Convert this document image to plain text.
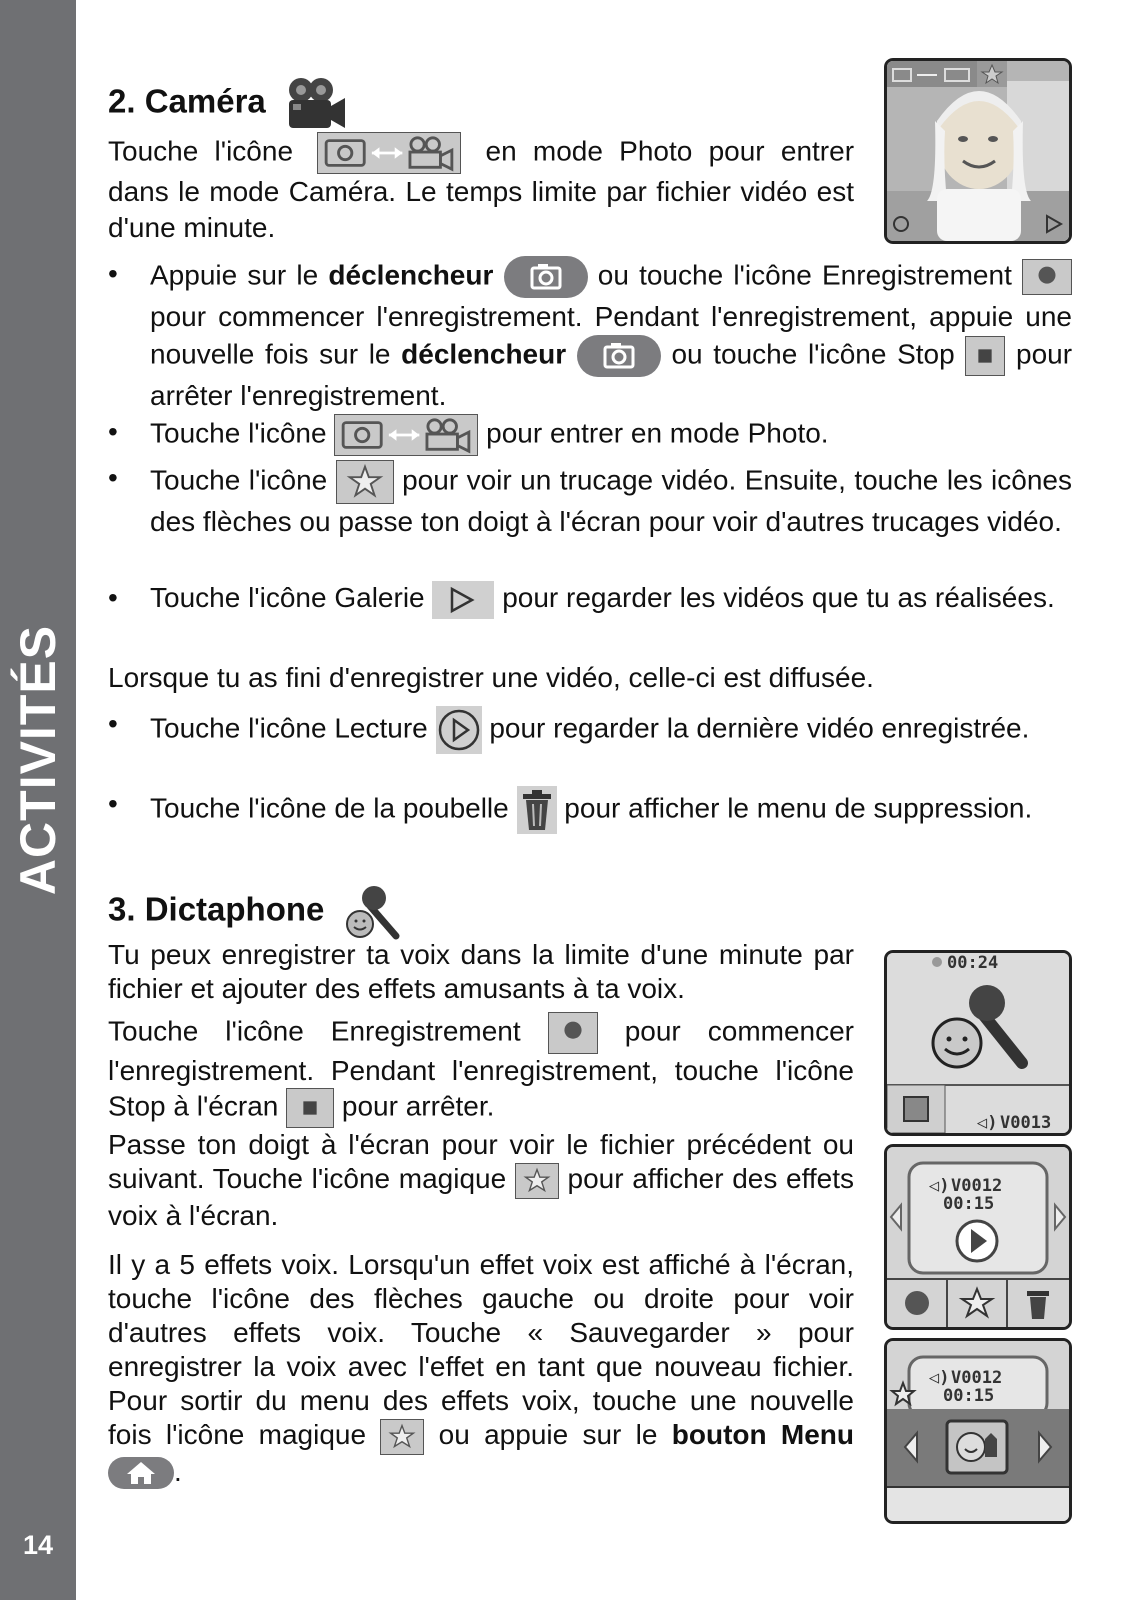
ACTIVITÉS
14
2. Caméra
Touche l'icône	en mode Photo pour entrer dans le mode Caméra. Le temps limite par fichier vidéo est d'une minute.
• Appuie sur le déclencheur	ou touche l'icône Enregistrement
pour commencer l'enregistrement. Pendant l'enregistrement, appuie une nouvelle fois sur le déclencheur	ou touche l'icône Stop pour arrêter l'enregistrement.
• Touche l'icône	pour entrer en mode Photo.
• Touche l'icône	pour voir un trucage vidéo. Ensuite, touche les icônes des flèches ou passe ton doigt à l'écran pour voir d'autres trucages vidéo.
• Touche l'icône Galerie	pour regarder les vidéos que tu as réalisées.
Lorsque tu as fini d'enregistrer une vidéo, celle-ci est diffusée.
• Touche l'icône Lecture pour regarder la dernière vidéo enregistrée.
• Touche l'icône de la poubelle pour afficher le menu de suppression.
3. Dictaphone
Tu peux enregistrer ta voix dans la limite d'une minute par fichier et ajouter des effets amusants à ta voix.
Touche l'icône Enregistrement	pour commencer l'enregistrement. Pendant l'enregistrement, touche l'icône Stop à l'écran pour arrêter.
Passe ton doigt à l'écran pour voir le fichier précédent ou suivant. Touche l'icône magique pour afficher des effets voix à l'écran.
Il y a 5 effets voix. Lorsqu'un effet voix est affiché à l'écran, touche l'icône des flèches gauche ou droite pour voir d'autres effets voix. Touche « Sauvegarder » pour enregistrer la voix avec l'effet en tant que nouveau fichier. Pour sortir du menu des effets voix, touche une nouvelle fois l'icône magique	ou appuie sur le bouton Menu
.
00:24
◁) V0013
◁) V0012
00:15
◁) V0012
00:15
